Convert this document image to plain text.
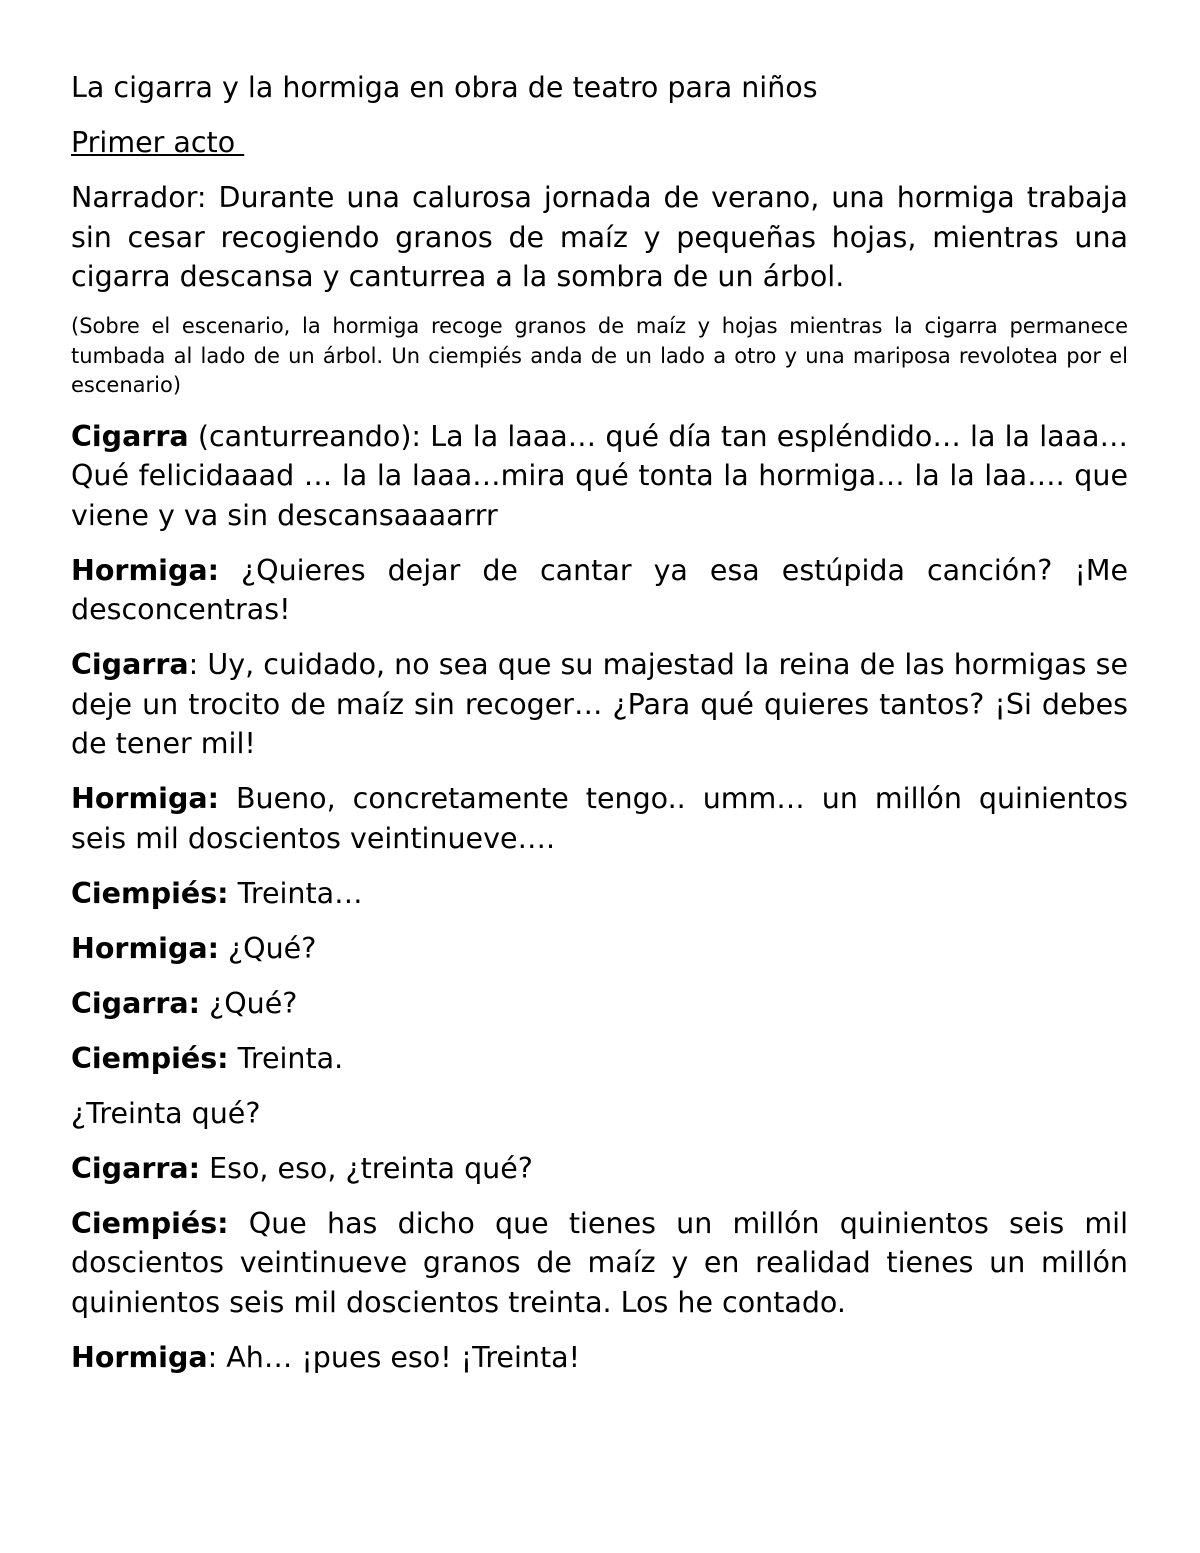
La cigarra y la hormiga en obra de teatro para niños

Primer acto

Narrador: Durante una calurosa jornada de verano, una hormiga trabaja sin cesar recogiendo granos de maíz y pequeñas hojas, mientras una cigarra descansa y canturrea a la sombra de un árbol.

(Sobre el escenario, la hormiga recoge granos de maíz y hojas mientras la cigarra permanece tumbada al lado de un árbol. Un ciempiés anda de un lado a otro y una mariposa revolotea por el escenario)

Cigarra (canturreando): La la laaa… qué día tan espléndido… la la laaa… Qué felicidaaad … la la laaa…mira qué tonta la hormiga… la la laa…. que viene y va sin descansaaaarrr

Hormiga: ¿Quieres dejar de cantar ya esa estúpida canción? ¡Me desconcentras!

Cigarra: Uy, cuidado, no sea que su majestad la reina de las hormigas se deje un trocito de maíz sin recoger… ¿Para qué quieres tantos? ¡Si debes de tener mil!

Hormiga: Bueno, concretamente tengo.. umm… un millón quinientos seis mil doscientos veintinueve….

Ciempiés: Treinta…

Hormiga: ¿Qué?

Cigarra: ¿Qué?

Ciempiés: Treinta.

¿Treinta qué?

Cigarra: Eso, eso, ¿treinta qué?

Ciempiés: Que has dicho que tienes un millón quinientos seis mil doscientos veintinueve granos de maíz y en realidad tienes un millón quinientos seis mil doscientos treinta. Los he contado.

Hormiga: Ah… ¡pues eso! ¡Treinta!
